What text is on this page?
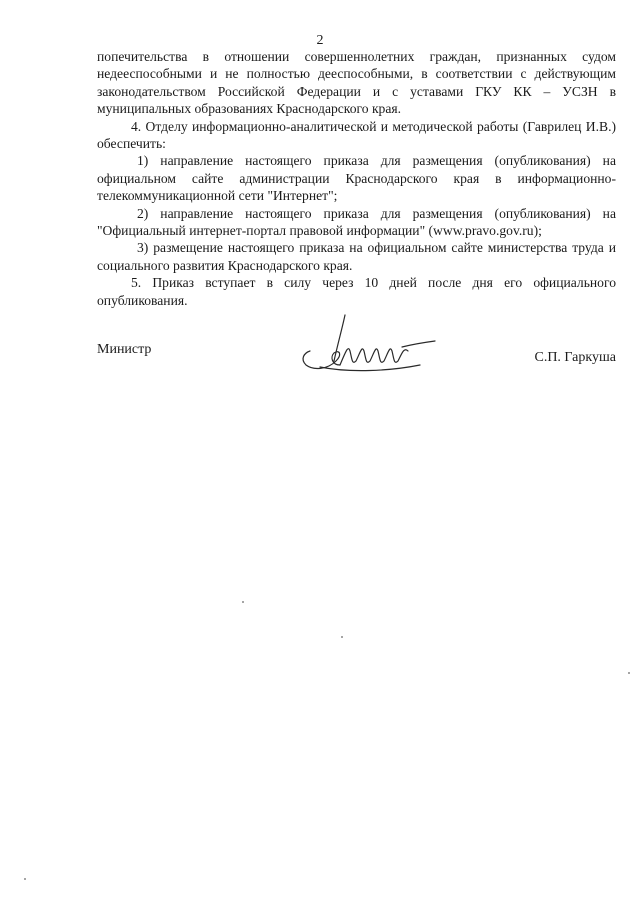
2

попечительства в отношении совершеннолетних граждан, признанных судом недееспособными и не полностью дееспособными, в соответствии с действующим законодательством Российской Федерации и с уставами ГКУ КК – УСЗН в муниципальных образованиях Краснодарского края.

4. Отделу информационно-аналитической и методической работы (Гаврилец И.В.) обеспечить:

1) направление настоящего приказа для размещения (опубликования) на официальном сайте администрации Краснодарского края в информационно-телекоммуникационной сети "Интернет";

2) направление настоящего приказа для размещения (опубликования) на "Официальный интернет-портал правовой информации" (www.pravo.gov.ru);

3) размещение настоящего приказа на официальном сайте министерства труда и социального развития Краснодарского края.

5. Приказ вступает в силу через 10 дней после дня его официального опубликования.

Министр
С.П. Гаркуша
